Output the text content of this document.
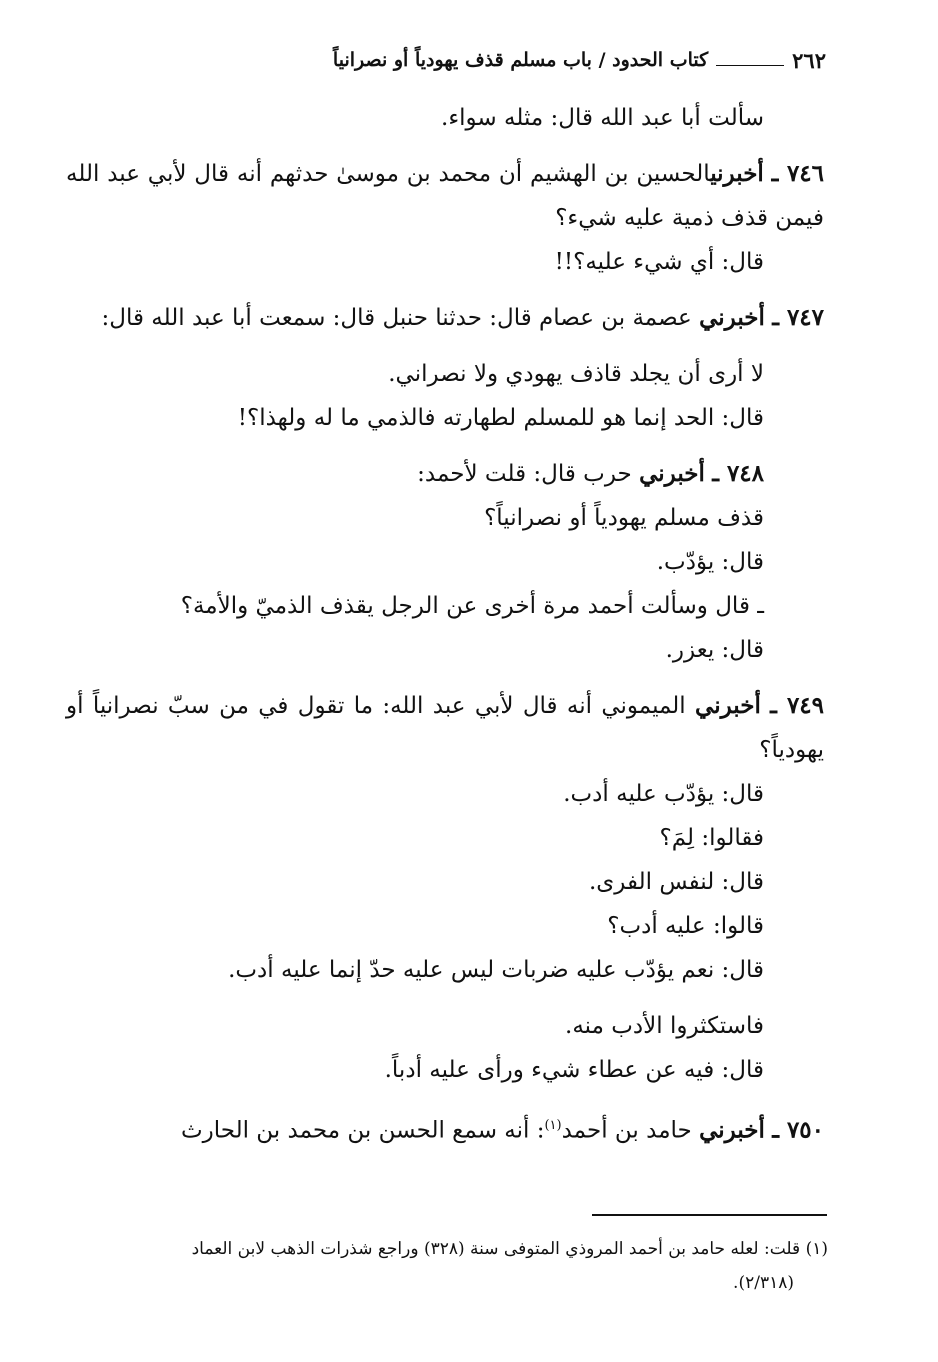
٢٦٢
كتاب الحدود / باب مسلم قذف يهودياً أو نصرانياً

سألت أبا عبد الله قال: مثله سواء.

٧٤٦ ـ أخبرنيالحسين بن الهشيم أن محمد بن موسىٰ حدثهم أنه قال لأبي عبد الله فيمن قذف ذمية عليه شيء؟

قال: أي شيء عليه؟!!

٧٤٧ ـ أخبرني عصمة بن عصام قال: حدثنا حنبل قال: سمعت أبا عبد الله قال:

لا أرى أن يجلد قاذف يهودي ولا نصراني.

قال: الحد إنما هو للمسلم لطهارته فالذمي ما له ولهذا؟!

٧٤٨ ـ أخبرني حرب قال: قلت لأحمد:

قذف مسلم يهودياً أو نصرانياً؟

قال: يؤدّب.

ـ قال وسألت أحمد مرة أخرى عن الرجل يقذف الذميّ والأمة؟

قال: يعزر.

٧٤٩ ـ أخبرني الميموني أنه قال لأبي عبد الله: ما تقول في من سبّ نصرانياً أو يهودياً؟

قال: يؤدّب عليه أدب.

فقالوا: لِمَ؟

قال: لنفس الفرى.

قالوا: عليه أدب؟

قال: نعم يؤدّب عليه ضربات ليس عليه حدّ إنما عليه أدب.

فاستكثروا الأدب منه.

قال: فيه عن عطاء شيء ورأى عليه أدباً.

٧٥٠ ـ أخبرني حامد بن أحمد$^{(١)}$: أنه سمع الحسن بن محمد بن الحارث

(١) قلت: لعله حامد بن أحمد المروذي المتوفى سنة (٣٢٨) وراجع شذرات الذهب لابن العماد
(٢/٣١٨).
